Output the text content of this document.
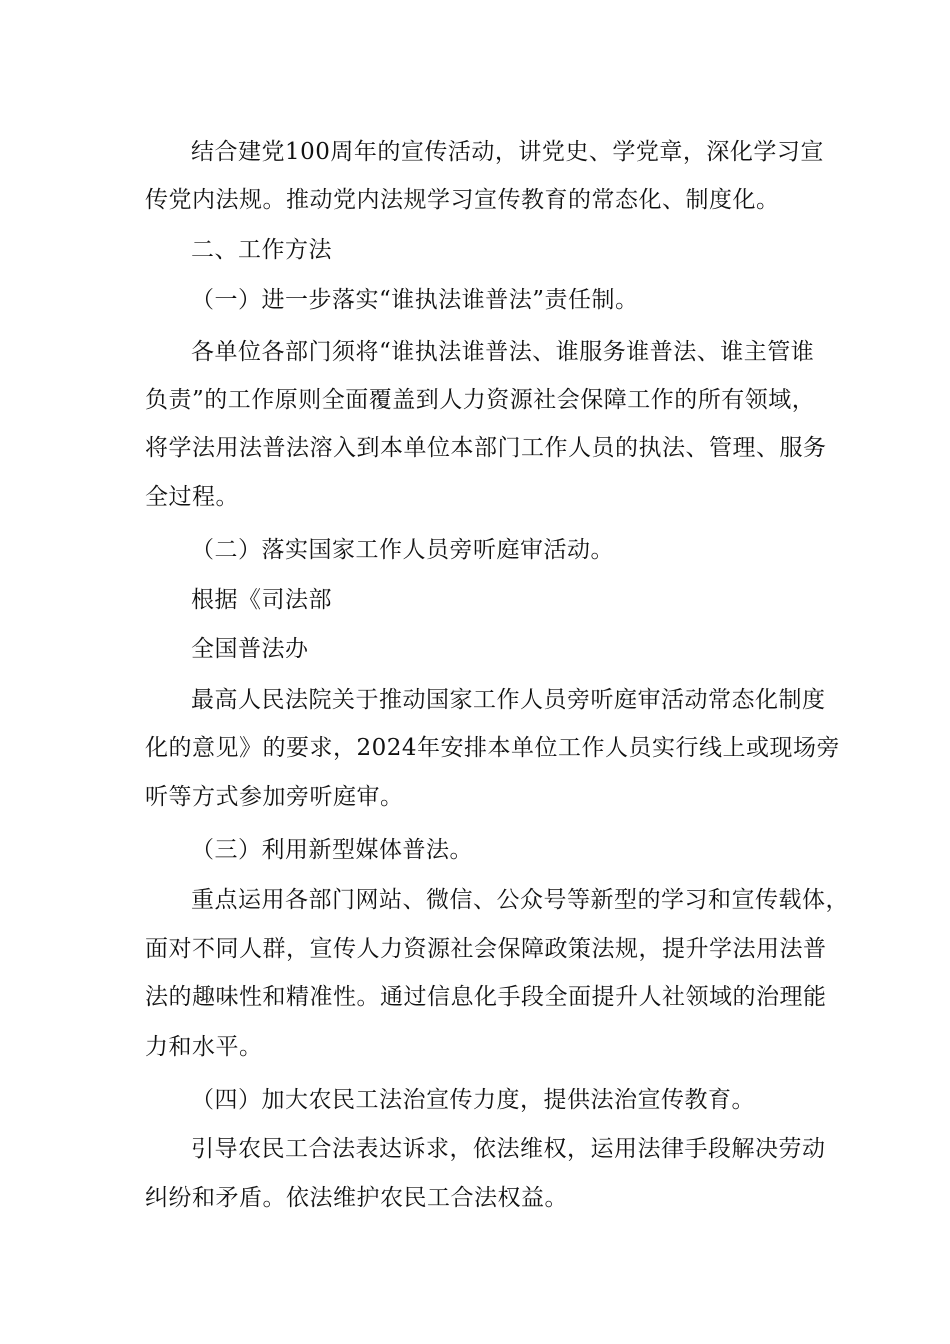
结合建党100周年的宣传活动，讲党史、学党章，深化学习宣
传党内法规。推动党内法规学习宣传教育的常态化、制度化。
二、工作方法
（一）进一步落实“谁执法谁普法”责任制。
各单位各部门须将“谁执法谁普法、谁服务谁普法、谁主管谁
负责”的工作原则全面覆盖到人力资源社会保障工作的所有领域，
将学法用法普法溶入到本单位本部门工作人员的执法、管理、服务
全过程。
（二）落实国家工作人员旁听庭审活动。
根据《司法部
全国普法办
最高人民法院关于推动国家工作人员旁听庭审活动常态化制度
化的意见》的要求，2024年安排本单位工作人员实行线上或现场旁
听等方式参加旁听庭审。
（三）利用新型媒体普法。
重点运用各部门网站、微信、公众号等新型的学习和宣传载体，
面对不同人群，宣传人力资源社会保障政策法规，提升学法用法普
法的趣味性和精准性。通过信息化手段全面提升人社领域的治理能
力和水平。
（四）加大农民工法治宣传力度，提供法治宣传教育。
引导农民工合法表达诉求，依法维权，运用法律手段解决劳动
纠纷和矛盾。依法维护农民工合法权益。
